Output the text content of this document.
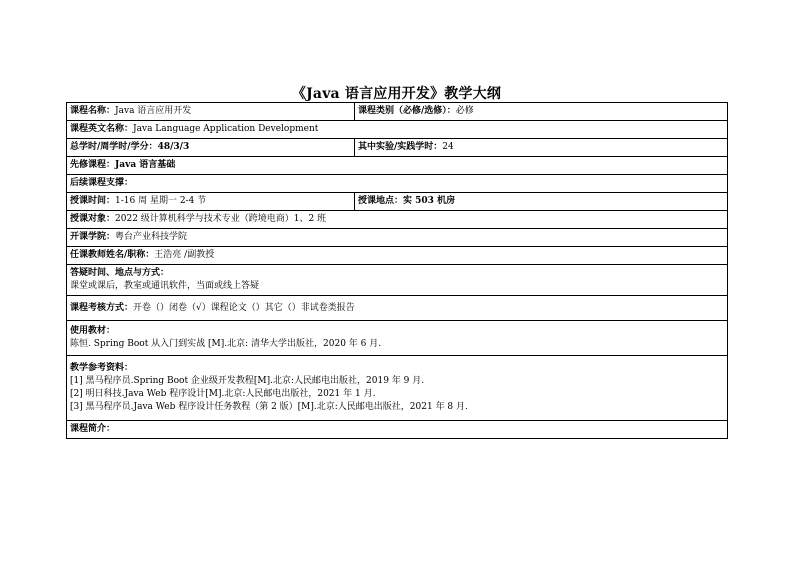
《Java 语言应用开发》教学大纲
课程名称：Java 语言应用开发	课程类别（必修/选修）：必修
课程英文名称：Java Language Application Development	
总学时/周学时/学分：48/3/3	其中实验/实践学时：24
先修课程：Java 语言基础	
后续课程支撑：	
授课时间：1-16 周 星期一 2-4 节	授课地点：实 503 机房
授课对象：2022 级计算机科学与技术专业（跨境电商）1、2 班	
开课学院：粤台产业科技学院	
任课教师姓名/职称：王浩亮 /副教授	

答疑时间、地点与方式：
课堂或课后，教室或通讯软件，当面或线上答疑	

课程考核方式：开卷（）闭卷（√）课程论文（）其它（）非试卷类报告	

使用教材：
陈恒. Spring Boot 从入门到实战 [M].北京: 清华大学出版社，2020 年 6 月.	

教学参考资料：
[1] 黑马程序员.Spring Boot 企业级开发教程[M].北京:人民邮电出版社，2019 年 9 月.
[2] 明日科技.Java Web 程序设计[M].北京:人民邮电出版社，2021 年 1 月.
[3] 黑马程序员.Java Web 程序设计任务教程（第 2 版）[M].北京:人民邮电出版社，2021 年 8 月.	

课程简介：	
